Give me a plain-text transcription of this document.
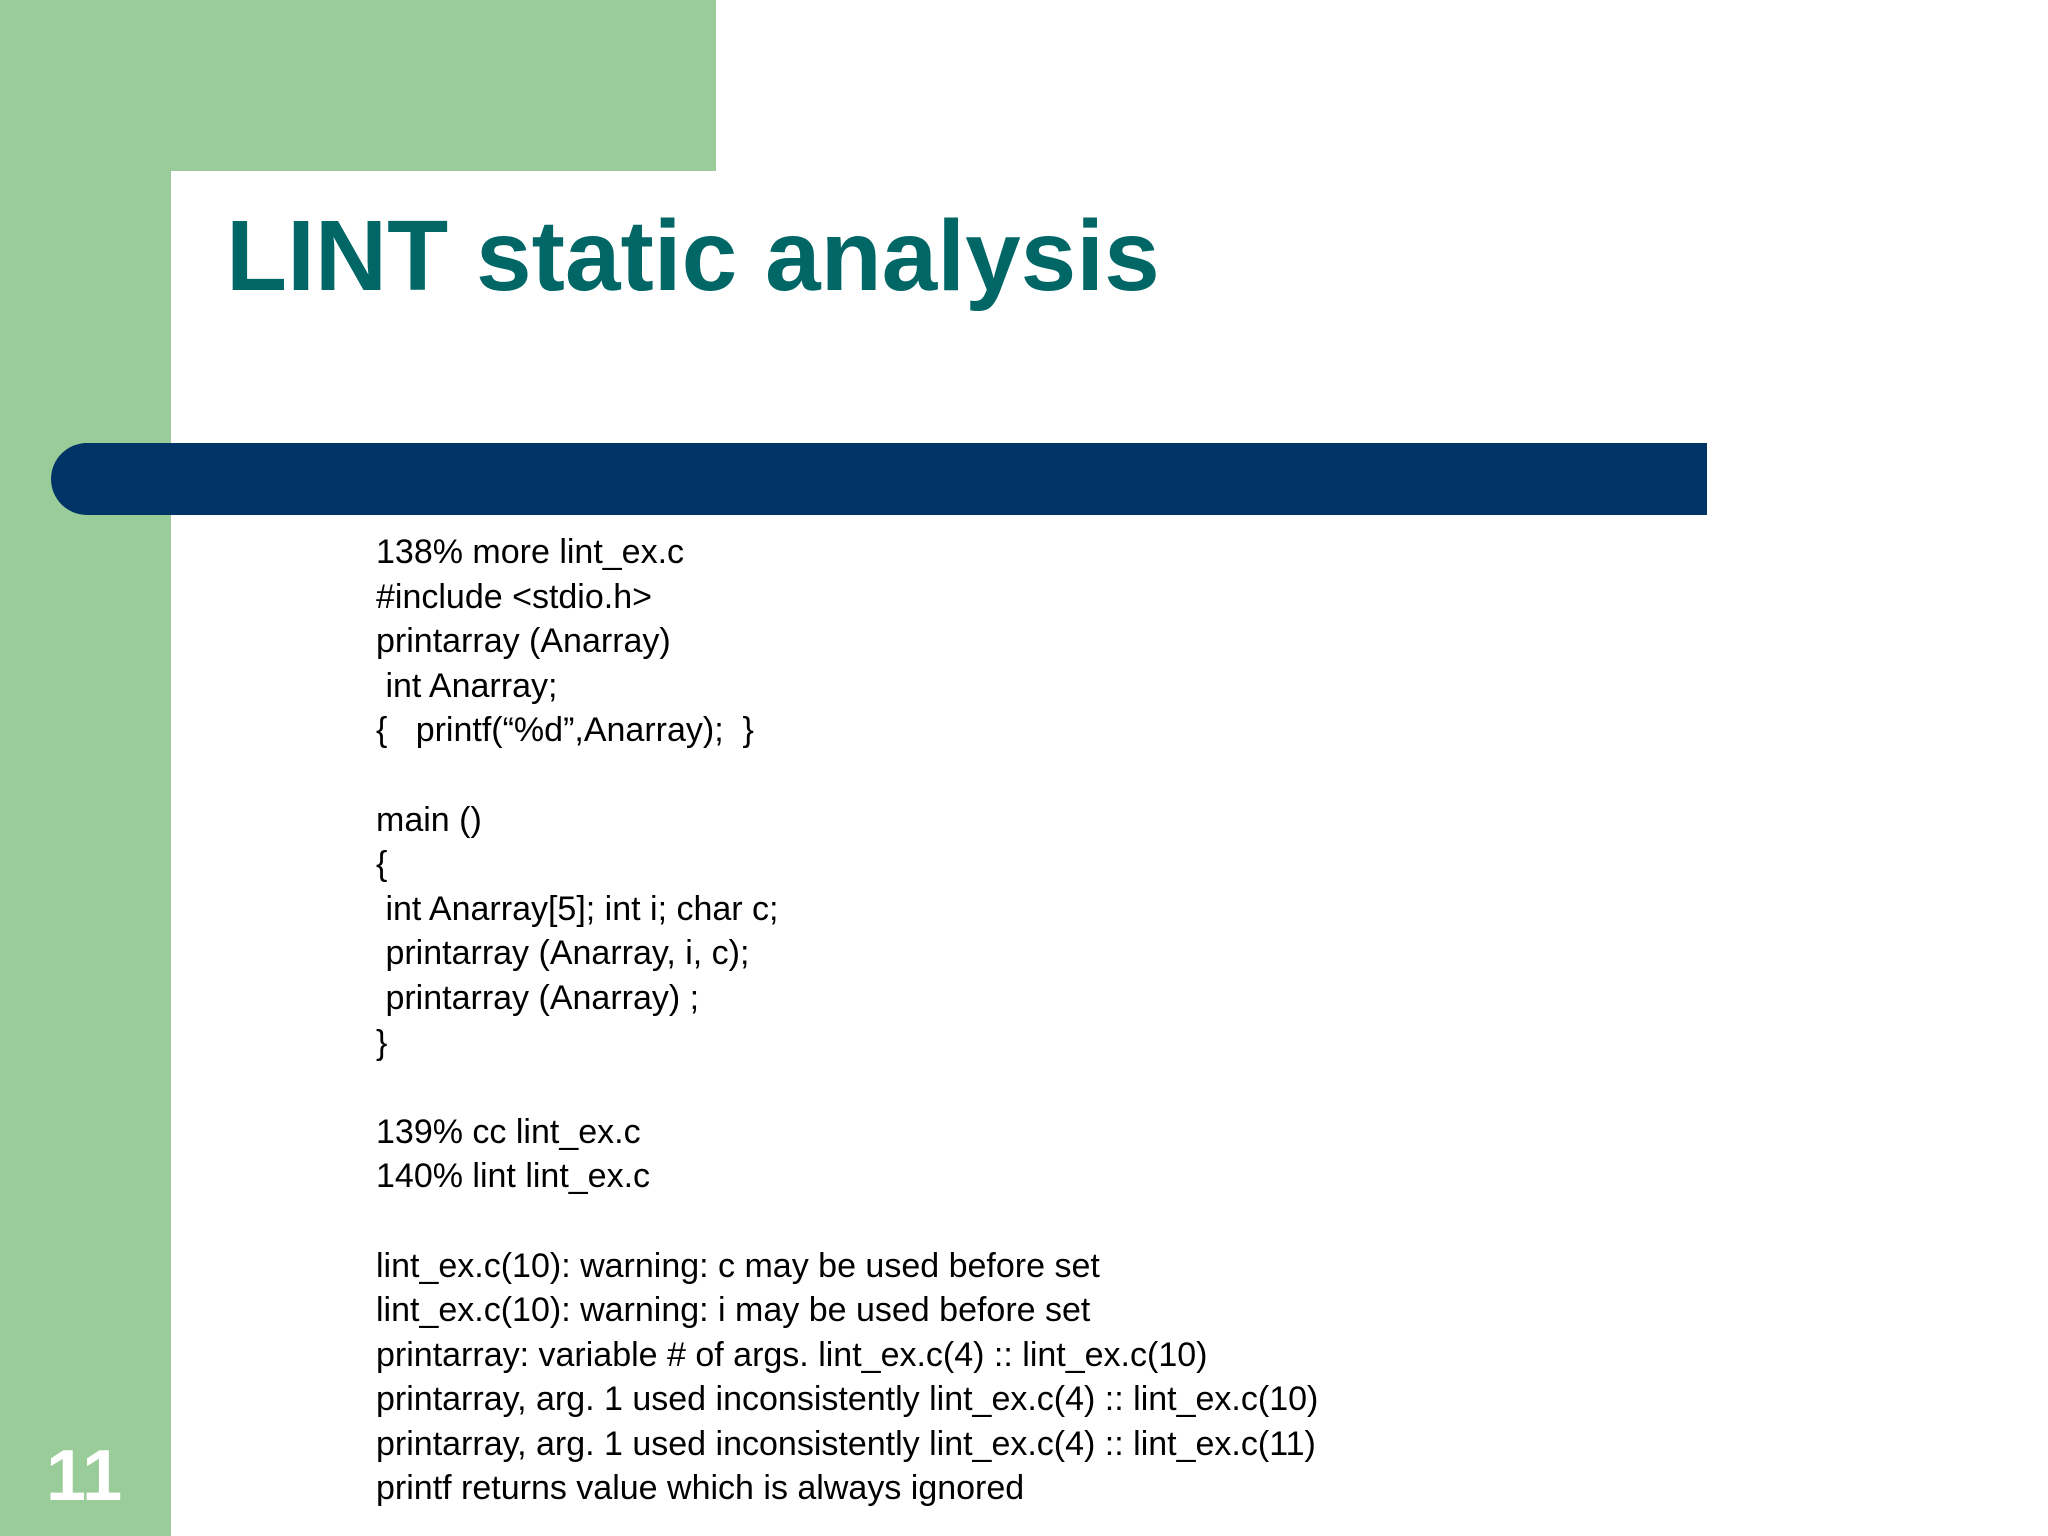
LINT static analysis
138% more lint_ex.c
#include <stdio.h>
printarray (Anarray)
int Anarray;
{   printf(“%d”,Anarray);  }
main ()
{
int Anarray[5]; int i; char c;
printarray (Anarray, i, c);
printarray (Anarray) ;
}
139% cc lint_ex.c
140% lint lint_ex.c
lint_ex.c(10): warning: c may be used before set
lint_ex.c(10): warning: i may be used before set
printarray: variable # of args. lint_ex.c(4) :: lint_ex.c(10)
printarray, arg. 1 used inconsistently lint_ex.c(4) :: lint_ex.c(10)
printarray, arg. 1 used inconsistently lint_ex.c(4) :: lint_ex.c(11)
printf returns value which is always ignored
11
